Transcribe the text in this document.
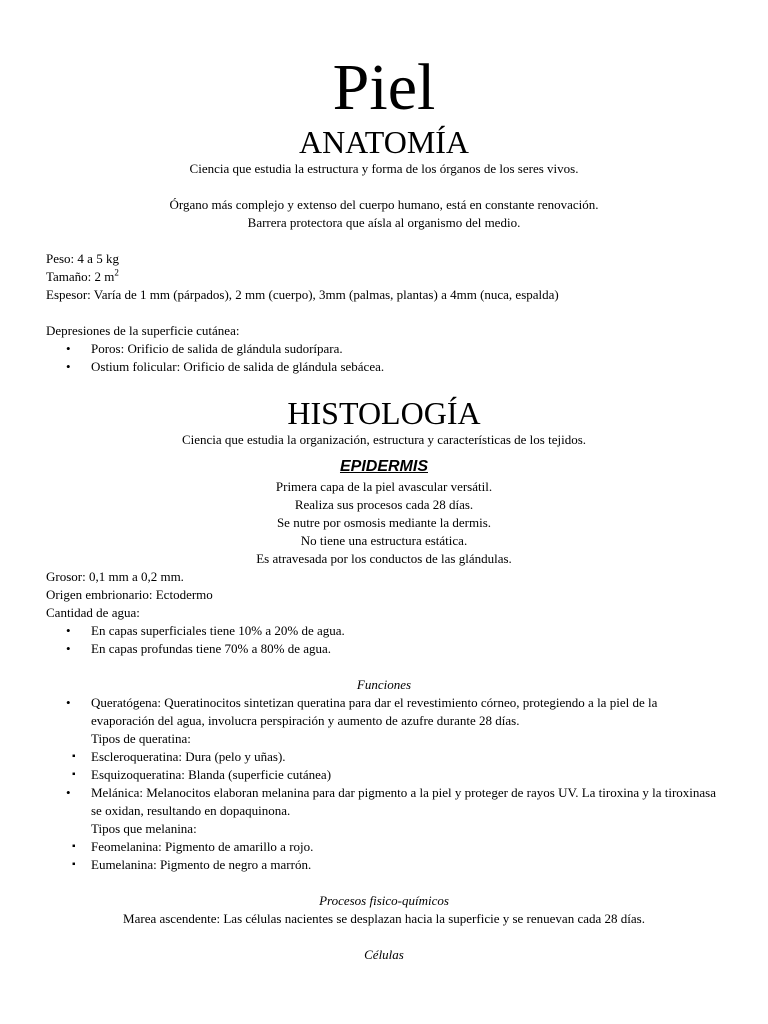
Piel
ANATOMÍA

Ciencia que estudia la estructura y forma de los órganos de los seres vivos.

Órgano más complejo y extenso del cuerpo humano, está en constante renovación.

Barrera protectora que aísla al organismo del medio.

Peso: 4 a 5 kg

Tamaño: 2 $m^2$

Espesor: Varía de 1 mm (párpados), 2 mm (cuerpo), 3mm (palmas, plantas) a 4mm (nuca, espalda)

Depresiones de la superficie cutánea:

• Poros: Orificio de salida de glándula sudorípara.
• Ostium folicular: Orificio de salida de glándula sebácea.
HISTOLOGÍA

Ciencia que estudia la organización, estructura y características de los tejidos.

EPIDERMIS

Primera capa de la piel avascular versátil.

Realiza sus procesos cada 28 días.

Se nutre por osmosis mediante la dermis.

No tiene una estructura estática.

Es atravesada por los conductos de las glándulas.

Grosor: 0,1 mm a 0,2 mm.

Origen embrionario: Ectodermo

Cantidad de agua:

• En capas superficiales tiene 10% a 20% de agua.
• En capas profundas tiene 70% a 80% de agua.

Funciones

• Queratógena: Queratinocitos sintetizan queratina para dar el revestimiento córneo, protegiendo a la piel de la evaporación del agua, involucra perspiración y aumento de azufre durante 28 días.
Tipos de queratina:
▪ Escleroqueratina: Dura (pelo y uñas).
▪ Esquizoqueratina: Blanda (superficie cutánea)
• Melánica: Melanocitos elaboran melanina para dar pigmento a la piel y proteger de rayos UV. La tiroxina y la tiroxinasa se oxidan, resultando en dopaquinona.
Tipos que melanina:
▪ Feomelanina: Pigmento de amarillo a rojo.
▪ Eumelanina: Pigmento de negro a marrón.

Procesos fisico-químicos

Marea ascendente: Las células nacientes se desplazan hacia la superficie y se renuevan cada 28 días.

Células
